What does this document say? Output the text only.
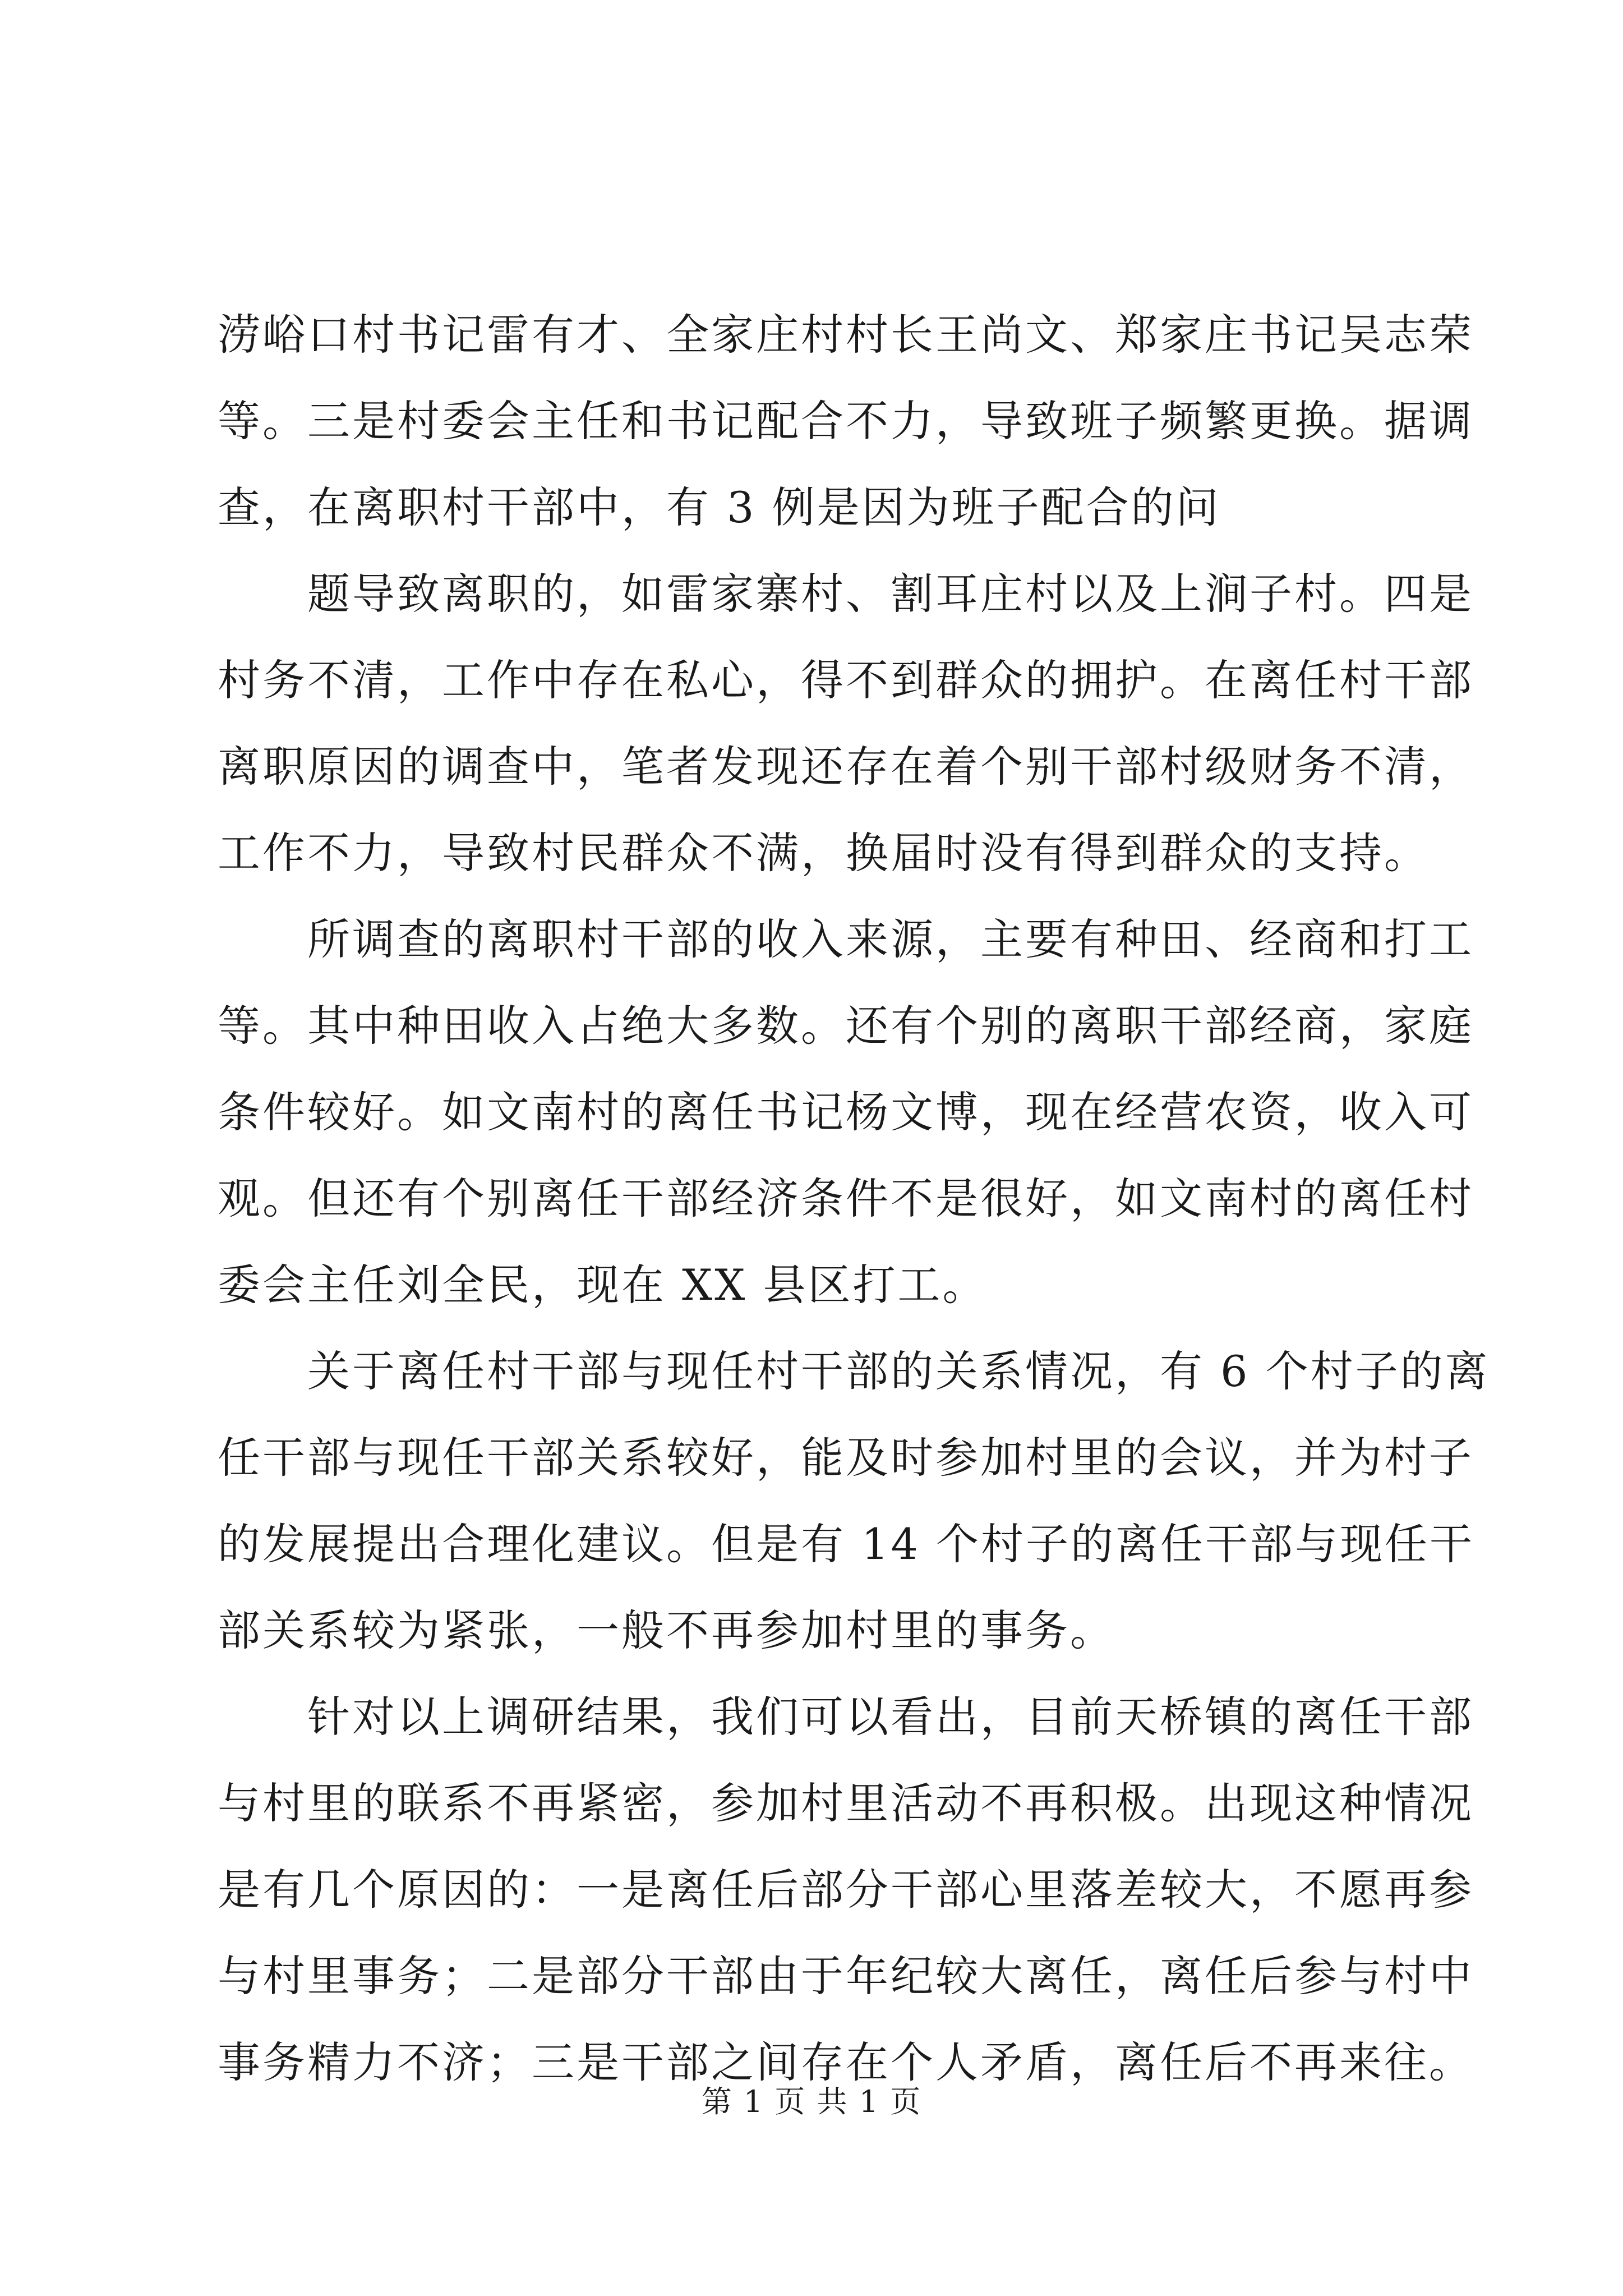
涝峪口村书记雷有才、全家庄村村长王尚文、郑家庄书记吴志荣
等。三是村委会主任和书记配合不力，导致班子频繁更换。据调
查，在离职村干部中，有 3 例是因为班子配合的问

题导致离职的，如雷家寨村、割耳庄村以及上涧子村。四是
村务不清，工作中存在私心，得不到群众的拥护。在离任村干部
离职原因的调查中，笔者发现还存在着个别干部村级财务不清，
工作不力，导致村民群众不满，换届时没有得到群众的支持。

所调查的离职村干部的收入来源，主要有种田、经商和打工
等。其中种田收入占绝大多数。还有个别的离职干部经商，家庭
条件较好。如文南村的离任书记杨文博，现在经营农资，收入可
观。但还有个别离任干部经济条件不是很好，如文南村的离任村
委会主任刘全民，现在 XX 县区打工。

关于离任村干部与现任村干部的关系情况，有 6 个村子的离
任干部与现任干部关系较好，能及时参加村里的会议，并为村子
的发展提出合理化建议。但是有 14 个村子的离任干部与现任干
部关系较为紧张，一般不再参加村里的事务。

针对以上调研结果，我们可以看出，目前天桥镇的离任干部
与村里的联系不再紧密，参加村里活动不再积极。出现这种情况
是有几个原因的：一是离任后部分干部心里落差较大，不愿再参
与村里事务；二是部分干部由于年纪较大离任，离任后参与村中
事务精力不济；三是干部之间存在个人矛盾，离任后不再来往。

第 1 页 共 1 页
